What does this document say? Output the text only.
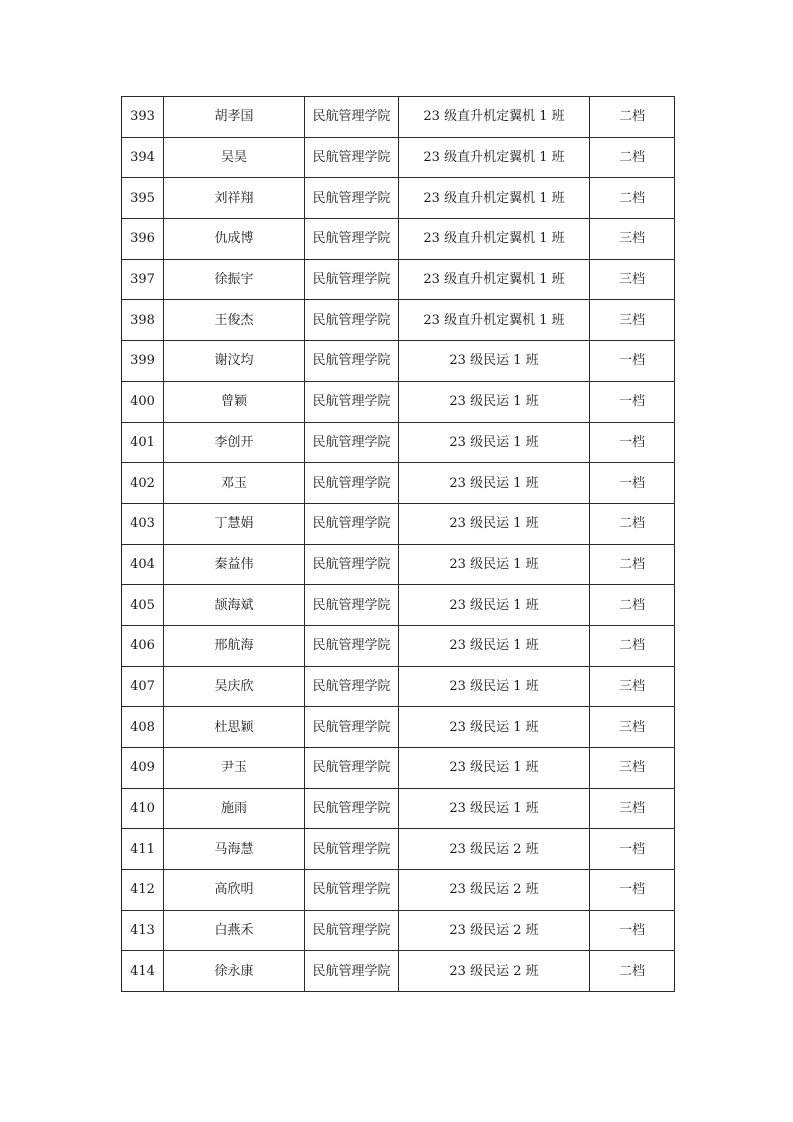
393	胡孝国	民航管理学院	23 级直升机定翼机 1 班	二档
394	吴昊	民航管理学院	23 级直升机定翼机 1 班	二档
395	刘祥翔	民航管理学院	23 级直升机定翼机 1 班	二档
396	仇成博	民航管理学院	23 级直升机定翼机 1 班	三档
397	徐振宇	民航管理学院	23 级直升机定翼机 1 班	三档
398	王俊杰	民航管理学院	23 级直升机定翼机 1 班	三档
399	谢汶均	民航管理学院	23 级民运 1 班	一档
400	曾颖	民航管理学院	23 级民运 1 班	一档
401	李创开	民航管理学院	23 级民运 1 班	一档
402	邓玉	民航管理学院	23 级民运 1 班	一档
403	丁慧娟	民航管理学院	23 级民运 1 班	二档
404	秦益伟	民航管理学院	23 级民运 1 班	二档
405	颉海斌	民航管理学院	23 级民运 1 班	二档
406	邢航海	民航管理学院	23 级民运 1 班	二档
407	吴庆欣	民航管理学院	23 级民运 1 班	三档
408	杜思颖	民航管理学院	23 级民运 1 班	三档
409	尹玉	民航管理学院	23 级民运 1 班	三档
410	施雨	民航管理学院	23 级民运 1 班	三档
411	马海慧	民航管理学院	23 级民运 2 班	一档
412	高欣明	民航管理学院	23 级民运 2 班	一档
413	白燕禾	民航管理学院	23 级民运 2 班	一档
414	徐永康	民航管理学院	23 级民运 2 班	二档
